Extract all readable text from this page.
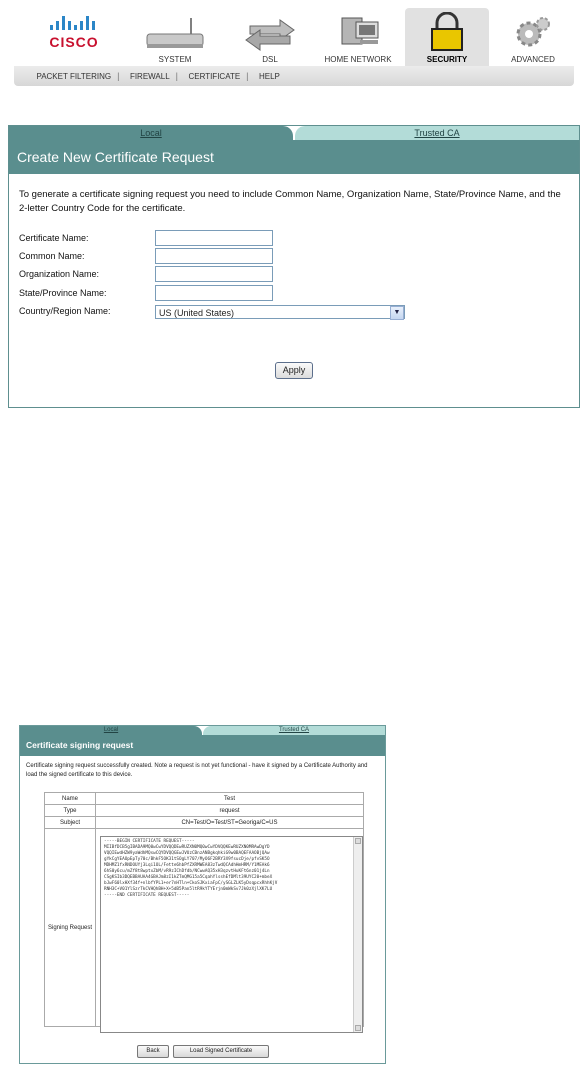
CISCO
SYSTEM	DSL	HOME NETWORK	SECURITY	ADVANCED
PACKET FILTERING | FIREWALL | CERTIFICATE | HELP
Local	Trusted CA
Create New Certificate Request
To generate a certificate signing request you need to include Common Name, Organization Name, State/Province Name, and the 2-letter Country Code for the certificate.
Certificate Name:
Common Name:
Organization Name:
State/Province Name:
Country/Region Name:	US (United States)	▼
Apply
Local	Trusted CA
Certificate signing request
Certificate signing request successfully created. Note a request is not yet functional - have it signed by a Certificate Authority and load the signed certificate to this device.
Name	Test
Type	request
Subject	CN=Test/O=Test/ST=Georiga/C=US
Signing Request	
-----BEGIN CERTIFICATE REQUEST-----
MIIBfDCB5gIBADA9MQ0wCwYDVQQDEwRUZXN0MQ0wCwYDVQQKEwRUZXN0MRAwDgYD
VQQIEwdHZW9yaWdhMQswCQYDVQQGEwJVUzCBnzANBgkqhkiG9w0BAQEFAAOBjQAw
gYkCgYEAOpEpTy70c/BhkF5OK31tSOgLY707/MyO6F2BRY3X9fsucDje/pfvSK5O
MDHMZ1fxRNDOUYj3Lqi1OL/Fette6hbPfZXRMWEA83zTwdQCAdhHmHRM/Y1MEAk6
6hS0y6cu/mZf8t8wptxZbM/vR9zIChDfdb/NCwwAQ35xH3qzvtHuKFt6nz01j4Ln
CSgKSIb3DQEBBAUAA4GBAJm8zI1kZTmQMG15a5CqahYlsshEfDMlt39UYC20+mbeX
bJwF60lxHXf34f+nlbfYPL1+er7nHTln+CkoSJKxiaFpC/ySGLZLK5yDsqpcxRhhKjV
RNH3C+V01YlSzrTkCVHQhBH+X+5dB5Pan5ltR9kYTYErjn0mWkSv7Jk0zXjlXK7LU
-----END CERTIFICATE REQUEST-----
Back	Load Signed Certificate
